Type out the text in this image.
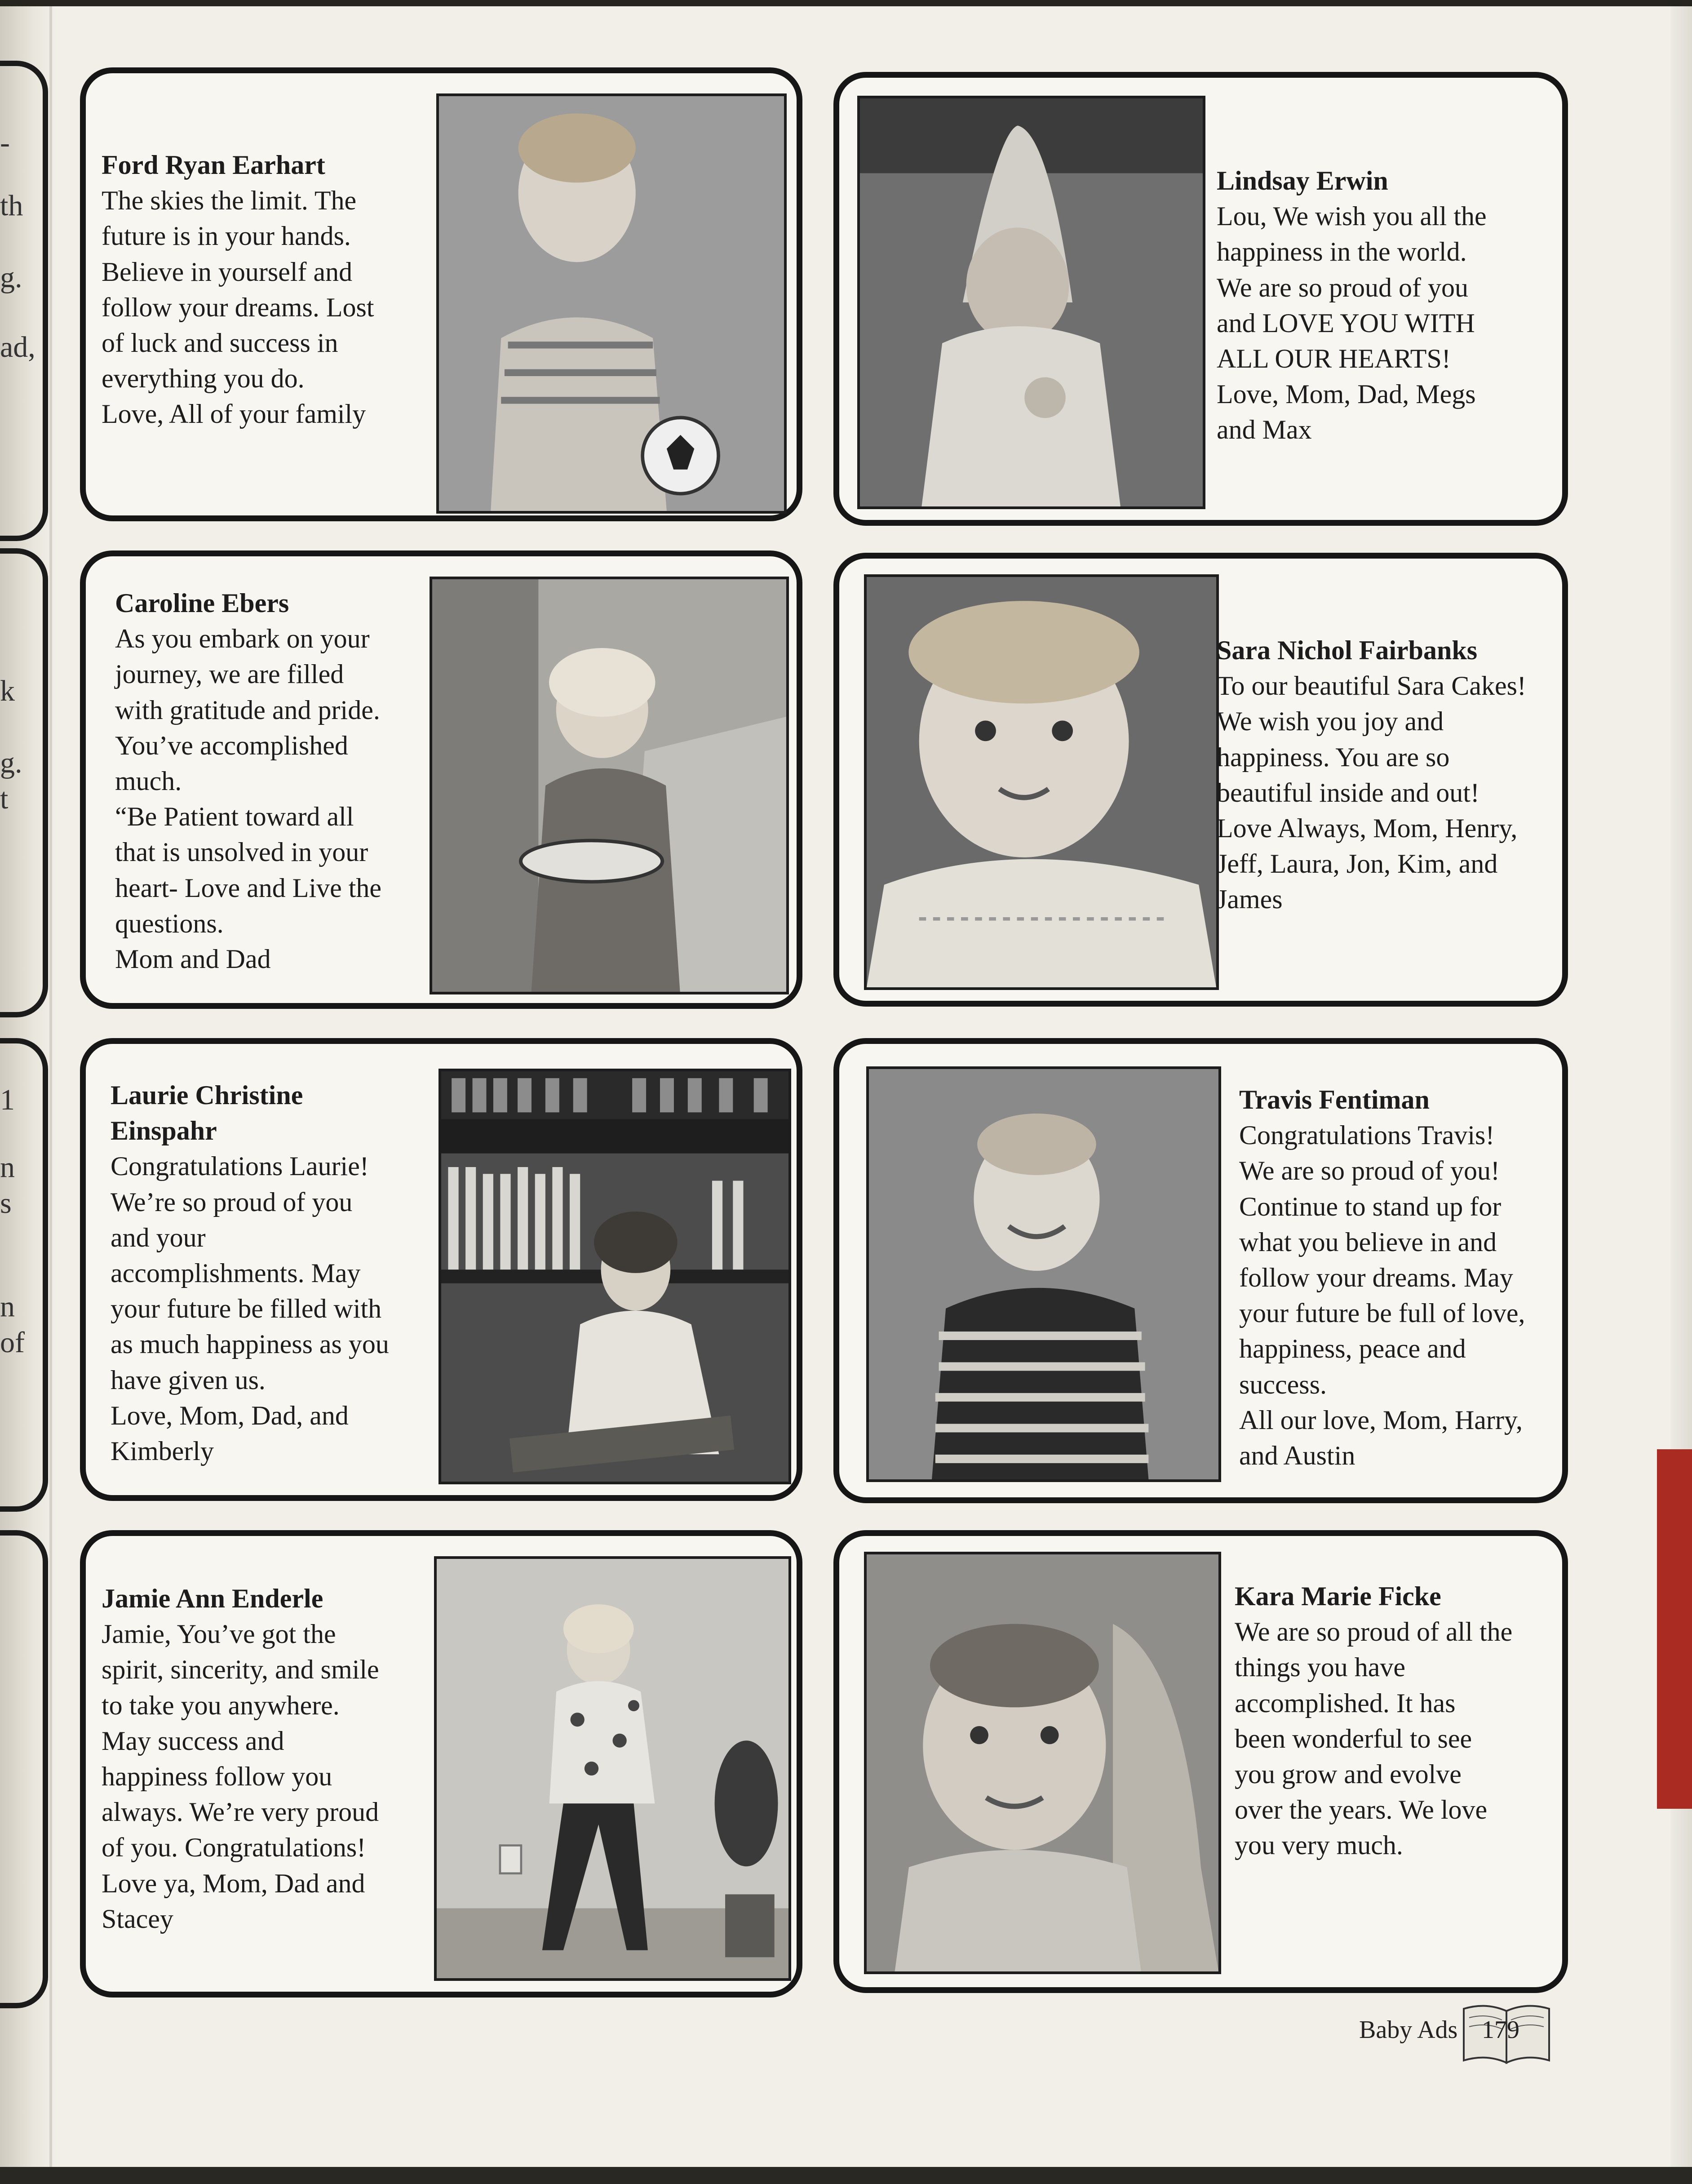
-
th
g.
ad,
k
g.
t
1
n
s
n
of

Ford Ryan Earhart

The skies the limit. The
future is in your hands.
Believe in yourself and
follow your dreams. Lost
of luck and success in
everything you do.
Love, All of your family

Lindsay Erwin

Lou, We wish you all the
happiness in the world.
We are so proud of you
and LOVE YOU WITH
ALL OUR HEARTS!
Love, Mom, Dad, Megs
and Max

Caroline Ebers

As you embark on your
journey, we are filled
with gratitude and pride.
You’ve accomplished
much.
“Be Patient toward all
that is unsolved in your
heart- Love and Live the
questions.
Mom and Dad

Sara Nichol Fairbanks

To our beautiful Sara Cakes!
We wish you joy and
happiness. You are so
beautiful inside and out!
Love Always, Mom, Henry,
Jeff, Laura, Jon, Kim, and
James

Laurie Christine
Einspahr

Congratulations Laurie!
We’re so proud of you
and your
accomplishments. May
your future be filled with
as much happiness as you
have given us.
Love, Mom, Dad, and
Kimberly

Travis Fentiman

Congratulations Travis!
We are so proud of you!
Continue to stand up for
what you believe in and
follow your dreams. May
your future be full of love,
happiness, peace and
success.
All our love, Mom, Harry,
and Austin

Jamie Ann Enderle

Jamie, You’ve got the
spirit, sincerity, and smile
to take you anywhere.
May success and
happiness follow you
always. We’re very proud
of you. Congratulations!
Love ya, Mom, Dad and
Stacey

Kara Marie Ficke

We are so proud of all the
things you have
accomplished. It has
been wonderful to see
you grow and evolve
over the years. We love
you very much.

Baby Ads 179
